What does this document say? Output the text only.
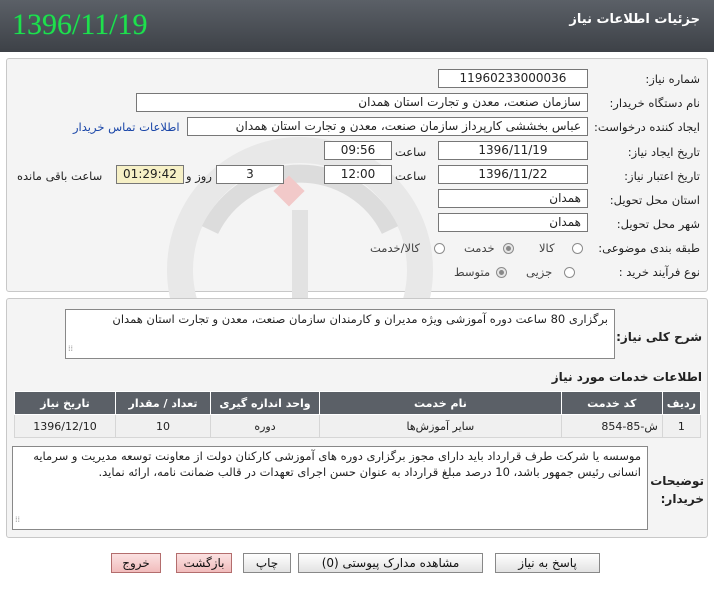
1396/11/19	جزئیات اطلاعات نیاز
شماره نیاز:
11960233000036
نام دستگاه خریدار:
سازمان صنعت، معدن و تجارت استان همدان
ایجاد کننده درخواست:
عباس بخششی کارپرداز سازمان صنعت، معدن و تجارت استان همدان
اطلاعات تماس خریدار
تاریخ ایجاد نیاز:
1396/11/19
ساعت
09:56
تاریخ اعتبار نیاز:
1396/11/22
ساعت
12:00
3
روز و
01:29:42
ساعت باقی مانده
استان محل تحویل:
همدان
شهر محل تحویل:
همدان
طبقه بندی موضوعی:
کالا
خدمت
کالا/خدمت
نوع فرآیند خرید :
جزیی
متوسط
شرح کلی نیاز:
برگزاری 80 ساعت دوره آموزشی ویژه مدیران و کارمندان سازمان صنعت، معدن و تجارت استان همدان
⁞⁞
اطلاعات خدمات مورد نیاز
ردیف	کد خدمت	نام خدمت	واحد اندازه گیری	تعداد / مقدار	تاریخ نیاز
1	ش-85-854	سایر آموزش‌ها	دوره	10	1396/12/10
توضیحات خریدار:
موسسه یا شرکت طرف قرارداد باید دارای مجوز برگزاری دوره های آموزشی کارکنان دولت از معاونت توسعه مدیریت و سرمایه انسانی رئیس جمهور باشد، 10 درصد مبلغ قرارداد به عنوان حسن اجرای تعهدات در قالب ضمانت نامه، ارائه نماید.
⁞⁞
پاسخ به نیاز
مشاهده مدارک پیوستی (0)
چاپ
بازگشت
خروج
